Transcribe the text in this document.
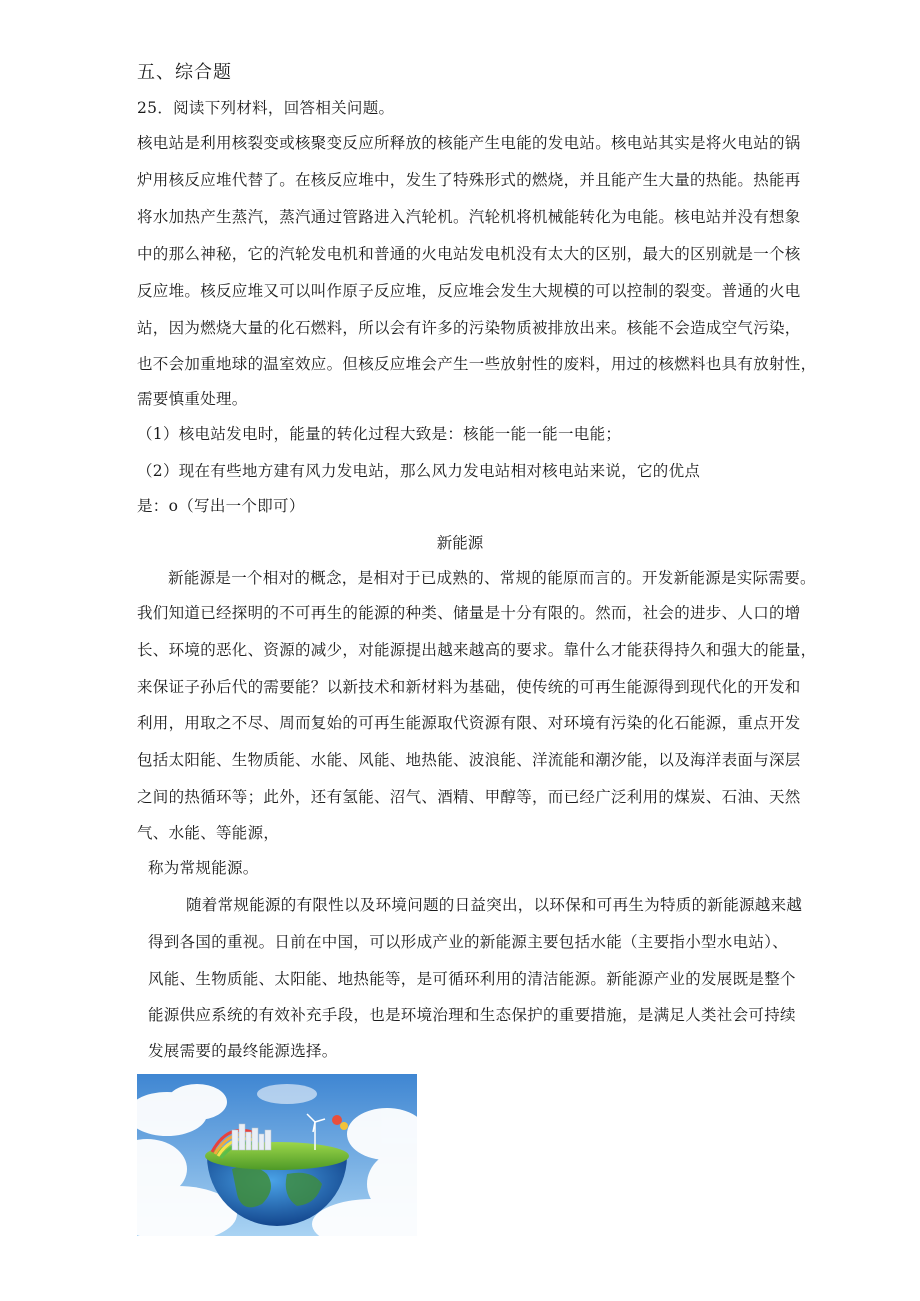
五、综合题
25．阅读下列材料，回答相关问题。
核电站是利用核裂变或核聚变反应所释放的核能产生电能的发电站。核电站其实是将火电站的锅
炉用核反应堆代替了。在核反应堆中，发生了特殊形式的燃烧，并且能产生大量的热能。热能再
将水加热产生蒸汽，蒸汽通过管路进入汽轮机。汽轮机将机械能转化为电能。核电站并没有想象
中的那么神秘，它的汽轮发电机和普通的火电站发电机没有太大的区别，最大的区别就是一个核
反应堆。核反应堆又可以叫作原子反应堆，反应堆会发生大规模的可以控制的裂变。普通的火电
站，因为燃烧大量的化石燃料，所以会有许多的污染物质被排放出来。核能不会造成空气污染，
也不会加重地球的温室效应。但核反应堆会产生一些放射性的废料，用过的核燃料也具有放射性，
需要慎重处理。
（1）核电站发电时，能量的转化过程大致是：核能一能一能一电能；
（2）现在有些地方建有风力发电站，那么风力发电站相对核电站来说，它的优点
是：o（写出一个即可）
新能源
新能源是一个相对的概念，是相对于已成熟的、常规的能原而言的。开发新能源是实际需要。
我们知道已经探明的不可再生的能源的种类、储量是十分有限的。然而，社会的进步、人口的增
长、环境的恶化、资源的减少，对能源提出越来越高的要求。靠什么才能获得持久和强大的能量，
来保证子孙后代的需要能？以新技术和新材料为基础，使传统的可再生能源得到现代化的开发和
利用，用取之不尽、周而复始的可再生能源取代资源有限、对环境有污染的化石能源，重点开发
包括太阳能、生物质能、水能、风能、地热能、波浪能、洋流能和潮汐能，以及海洋表面与深层
之间的热循环等；此外，还有氢能、沼气、酒精、甲醇等，而已经广泛利用的煤炭、石油、天然
气、水能、等能源，
称为常规能源。
随着常规能源的有限性以及环境问题的日益突出，以环保和可再生为特质的新能源越来越
得到各国的重视。日前在中国，可以形成产业的新能源主要包括水能（主要指小型水电站）、
风能、生物质能、太阳能、地热能等，是可循环利用的清洁能源。新能源产业的发展既是整个
能源供应系统的有效补充手段，也是环境治理和生态保护的重要措施，是满足人类社会可持续
发展需要的最终能源选择。
